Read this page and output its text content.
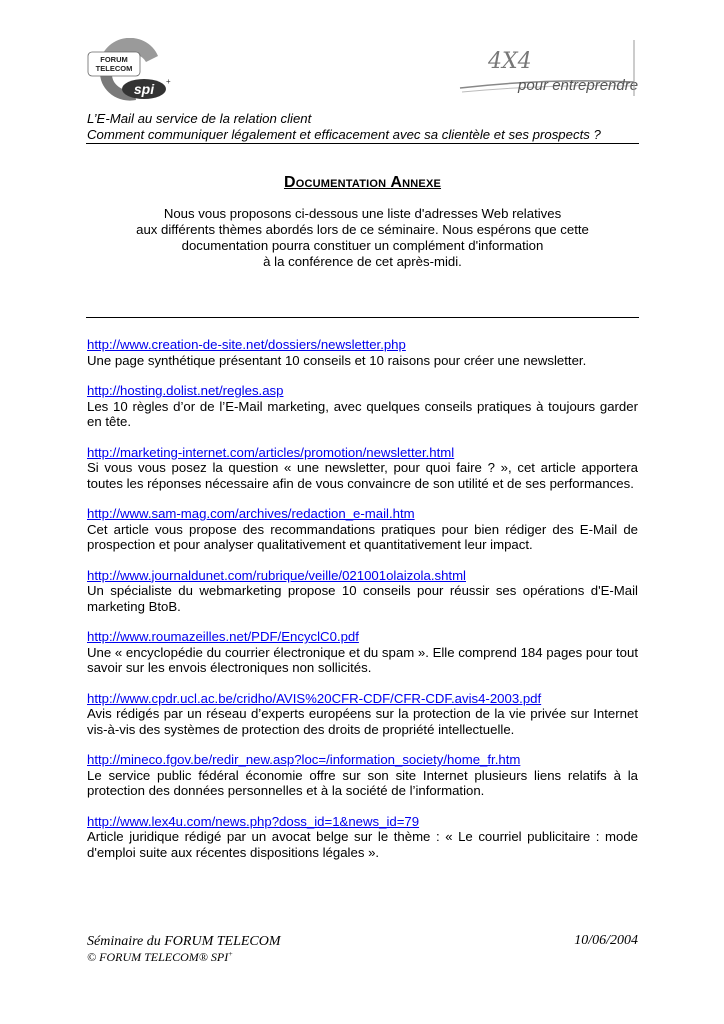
FORUM
TELECOM
spi +
4X4
pour entreprendre
L’E-Mail au service de la relation client
Comment communiquer légalement et efficacement avec sa clientèle et ses prospects ?
Documentation Annexe
Nous vous proposons ci-dessous une liste d'adresses Web relatives
aux différents thèmes abordés lors de ce séminaire. Nous espérons que cette
documentation pourra constituer un complément d'information
à la conférence de cet après-midi.
http://www.creation-de-site.net/dossiers/newsletter.php
Une page synthétique présentant 10 conseils et 10 raisons pour créer une newsletter.
http://hosting.dolist.net/regles.asp
Les 10 règles d’or de l’E-Mail marketing, avec quelques conseils pratiques à toujours garder en tête.
http://marketing-internet.com/articles/promotion/newsletter.html
Si vous vous posez la question « une newsletter, pour quoi faire ? », cet article apportera toutes les réponses nécessaire afin de vous convaincre de son utilité et de ses performances.
http://www.sam-mag.com/archives/redaction_e-mail.htm
Cet article vous propose des recommandations pratiques pour bien rédiger des E-Mail de prospection et pour analyser qualitativement et quantitativement leur impact.
http://www.journaldunet.com/rubrique/veille/021001olaizola.shtml
Un spécialiste du webmarketing propose 10 conseils pour réussir ses opérations d'E-Mail marketing BtoB.
http://www.roumazeilles.net/PDF/EncyclC0.pdf
Une « encyclopédie du courrier électronique et du spam ». Elle comprend 184 pages pour tout savoir sur les envois électroniques non sollicités.
http://www.cpdr.ucl.ac.be/cridho/AVIS%20CFR-CDF/CFR-CDF.avis4-2003.pdf
Avis rédigés par un réseau d’experts européens sur la protection de la vie privée sur Internet vis-à-vis des systèmes de protection des droits de propriété intellectuelle.
http://mineco.fgov.be/redir_new.asp?loc=/information_society/home_fr.htm
Le service public fédéral économie offre sur son site Internet plusieurs liens relatifs à la protection des données personnelles et à la société de l’information.
http://www.lex4u.com/news.php?doss_id=1&news_id=79
Article juridique rédigé par un avocat belge sur le thème : « Le courriel publicitaire : mode d'emploi suite aux récentes dispositions légales ».
Séminaire du FORUM TELECOM
© FORUM TELECOM® SPI+
10/06/2004
